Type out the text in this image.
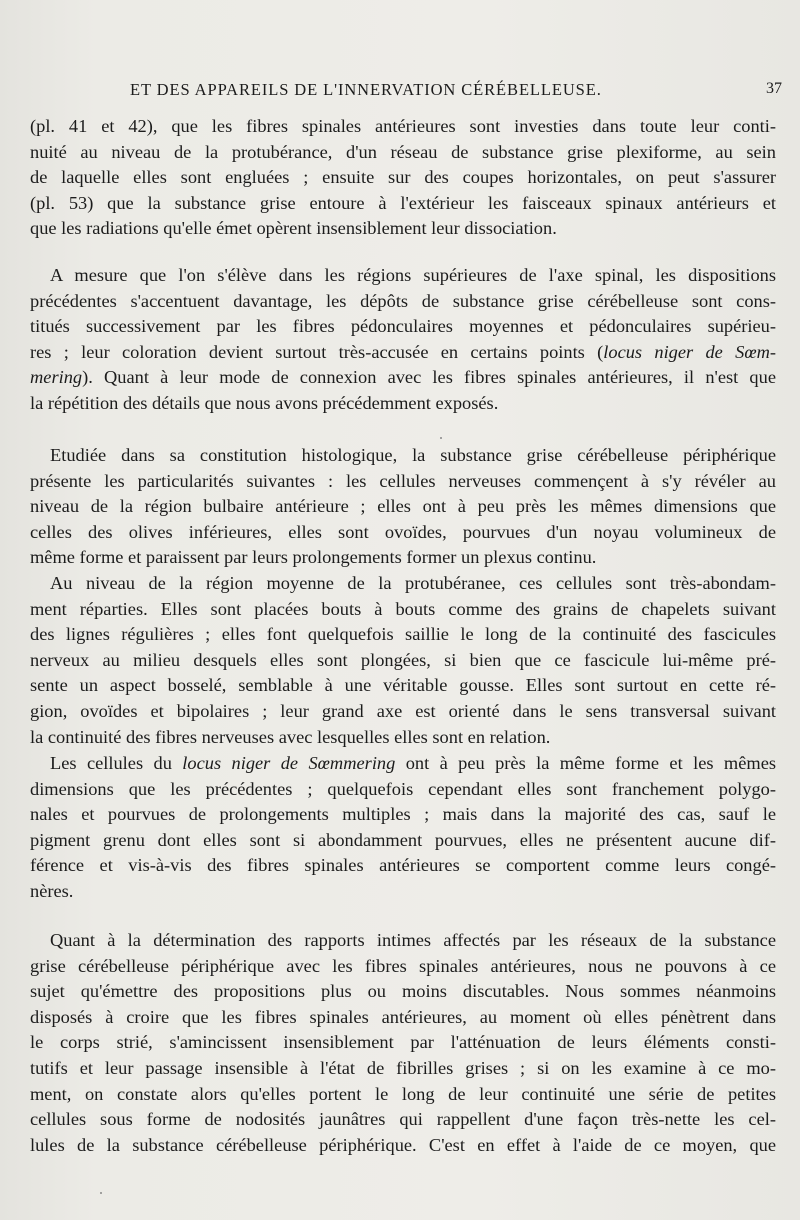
ET DES APPAREILS DE L'INNERVATION CÉRÉBELLEUSE.	37
(pl. 41 et 42), que les fibres spinales antérieures sont investies dans toute leur conti-
nuité au niveau de la protubérance, d'un réseau de substance grise plexiforme, au sein
de laquelle elles sont engluées ; ensuite sur des coupes horizontales, on peut s'assurer
(pl. 53) que la substance grise entoure à l'extérieur les faisceaux spinaux antérieurs et
que les radiations qu'elle émet opèrent insensiblement leur dissociation.
A mesure que l'on s'élève dans les régions supérieures de l'axe spinal, les dispositions
précédentes s'accentuent davantage, les dépôts de substance grise cérébelleuse sont cons-
titués successivement par les fibres pédonculaires moyennes et pédonculaires supérieu-
res ; leur coloration devient surtout très-accusée en certains points (locus niger de Sœm-
mering). Quant à leur mode de connexion avec les fibres spinales antérieures, il n'est que
la répétition des détails que nous avons précédemment exposés.
Etudiée dans sa constitution histologique, la substance grise cérébelleuse périphérique
présente les particularités suivantes : les cellules nerveuses commençent à s'y révéler au
niveau de la région bulbaire antérieure ; elles ont à peu près les mêmes dimensions que
celles des olives inférieures, elles sont ovoïdes, pourvues d'un noyau volumineux de
même forme et paraissent par leurs prolongements former un plexus continu.
Au niveau de la région moyenne de la protubéranee, ces cellules sont très-abondam-
ment réparties. Elles sont placées bouts à bouts comme des grains de chapelets suivant
des lignes régulières ; elles font quelquefois saillie le long de la continuité des fascicules
nerveux au milieu desquels elles sont plongées, si bien que ce fascicule lui-même pré-
sente un aspect bosselé, semblable à une véritable gousse. Elles sont surtout en cette ré-
gion, ovoïdes et bipolaires ; leur grand axe est orienté dans le sens transversal suivant
la continuité des fibres nerveuses avec lesquelles elles sont en relation.
Les cellules du locus niger de Sœmmering ont à peu près la même forme et les mêmes
dimensions que les précédentes ; quelquefois cependant elles sont franchement polygo-
nales et pourvues de prolongements multiples ; mais dans la majorité des cas, sauf le
pigment grenu dont elles sont si abondamment pourvues, elles ne présentent aucune dif-
férence et vis-à-vis des fibres spinales antérieures se comportent comme leurs congé-
nères.
Quant à la détermination des rapports intimes affectés par les réseaux de la substance
grise cérébelleuse périphérique avec les fibres spinales antérieures, nous ne pouvons à ce
sujet qu'émettre des propositions plus ou moins discutables. Nous sommes néanmoins
disposés à croire que les fibres spinales antérieures, au moment où elles pénètrent dans
le corps strié, s'amincissent insensiblement par l'atténuation de leurs éléments consti-
tutifs et leur passage insensible à l'état de fibrilles grises ; si on les examine à ce mo-
ment, on constate alors qu'elles portent le long de leur continuité une série de petites
cellules sous forme de nodosités jaunâtres qui rappellent d'une façon très-nette les cel-
lules de la substance cérébelleuse périphérique. C'est en effet à l'aide de ce moyen, que
